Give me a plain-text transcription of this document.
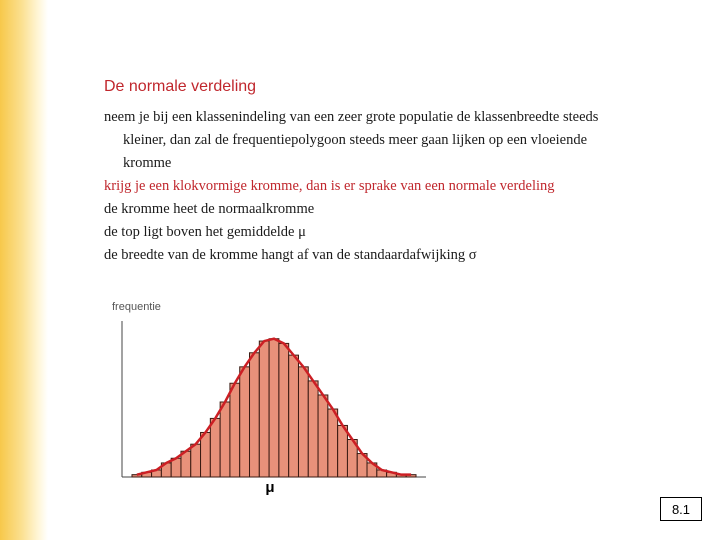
De normale verdeling
neem je bij een klassenindeling van een zeer grote populatie de klassenbreedte steeds kleiner, dan zal de frequentiepolygoon steeds meer gaan lijken op een vloeiende kromme
krijg je een klokvormige kromme, dan is er sprake van een normale verdeling
de kromme heet de normaalkromme
de top ligt boven het gemiddelde μ
de breedte van de kromme hangt af van de standaardafwijking σ
frequentie
μ
8.1
